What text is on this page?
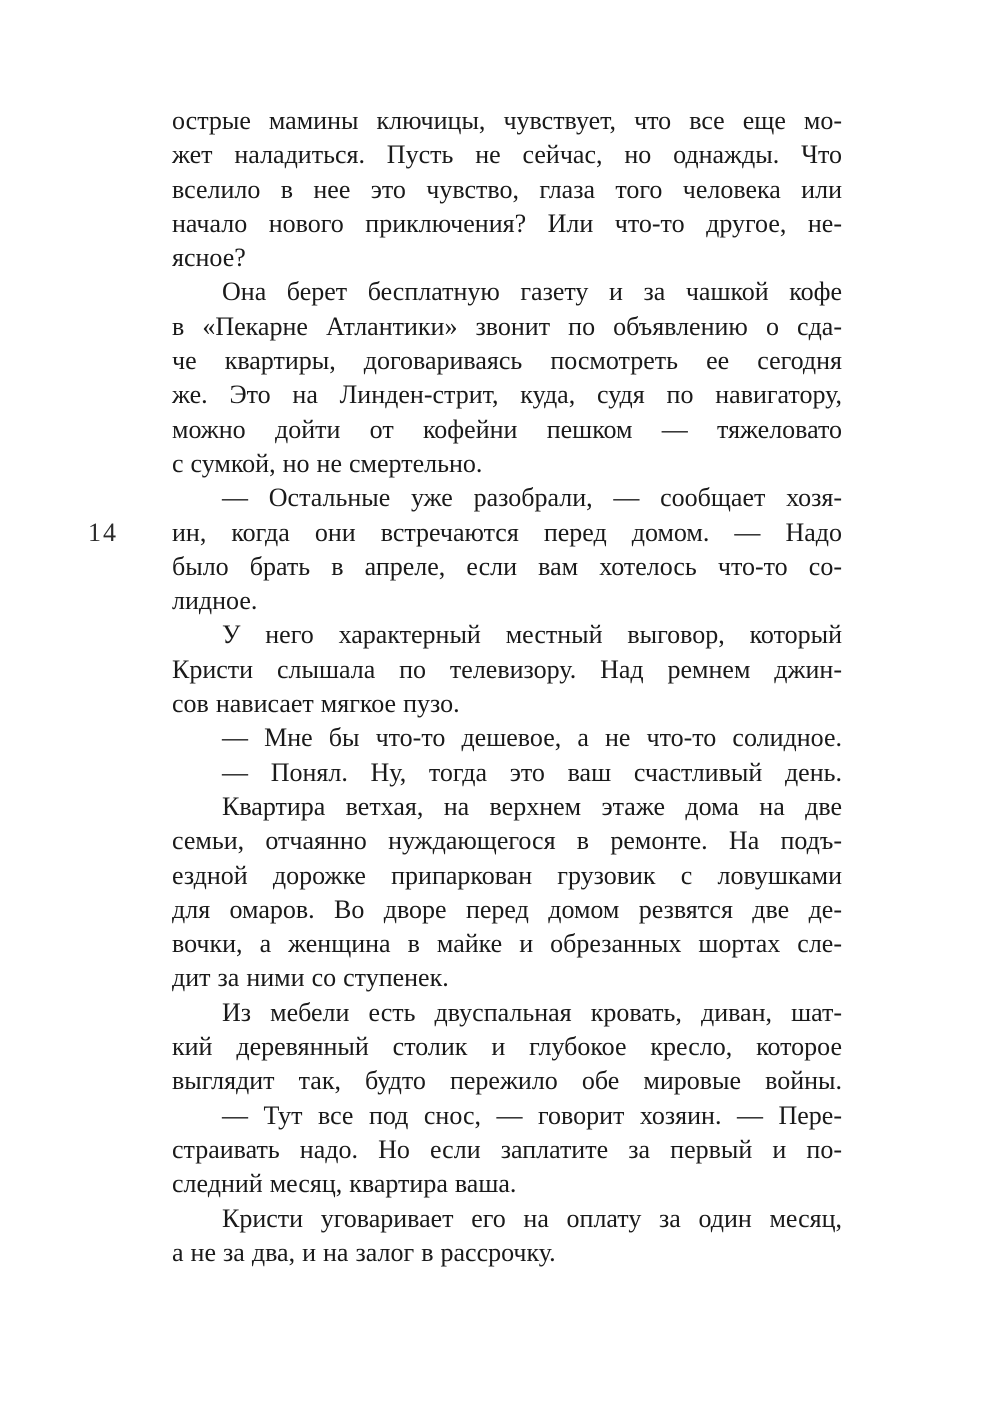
14
острые мамины ключицы, чувствует, что все еще мо-
жет наладиться. Пусть не сейчас, но однажды. Что
вселило в нее это чувство, глаза того человека или
начало нового приключения? Или что-то другое, не-
ясное?
Она берет бесплатную газету и за чашкой кофе
в «Пекарне Атлантики» звонит по объявлению о сда-
че квартиры, договариваясь посмотреть ее сегодня
же. Это на Линден-стрит, куда, судя по навигатору,
можно дойти от кофейни пешком — тяжеловато
с сумкой, но не смертельно.
— Остальные уже разобрали, — сообщает хозя-
ин, когда они встречаются перед домом. — Надо
было брать в апреле, если вам хотелось что-то со-
лидное.
У него характерный местный выговор, который
Кристи слышала по телевизору. Над ремнем джин-
сов нависает мягкое пузо.
— Мне бы что-то дешевое, а не что-то солидное.
— Понял. Ну, тогда это ваш счастливый день.
Квартира ветхая, на верхнем этаже дома на две
семьи, отчаянно нуждающегося в ремонте. На подъ-
ездной дорожке припаркован грузовик с ловушками
для омаров. Во дворе перед домом резвятся две де-
вочки, а женщина в майке и обрезанных шортах сле-
дит за ними со ступенек.
Из мебели есть двуспальная кровать, диван, шат-
кий деревянный столик и глубокое кресло, которое
выглядит так, будто пережило обе мировые войны.
— Тут все под снос, — говорит хозяин. — Пере-
страивать надо. Но если заплатите за первый и по-
следний месяц, квартира ваша.
Кристи уговаривает его на оплату за один месяц,
а не за два, и на залог в рассрочку.
